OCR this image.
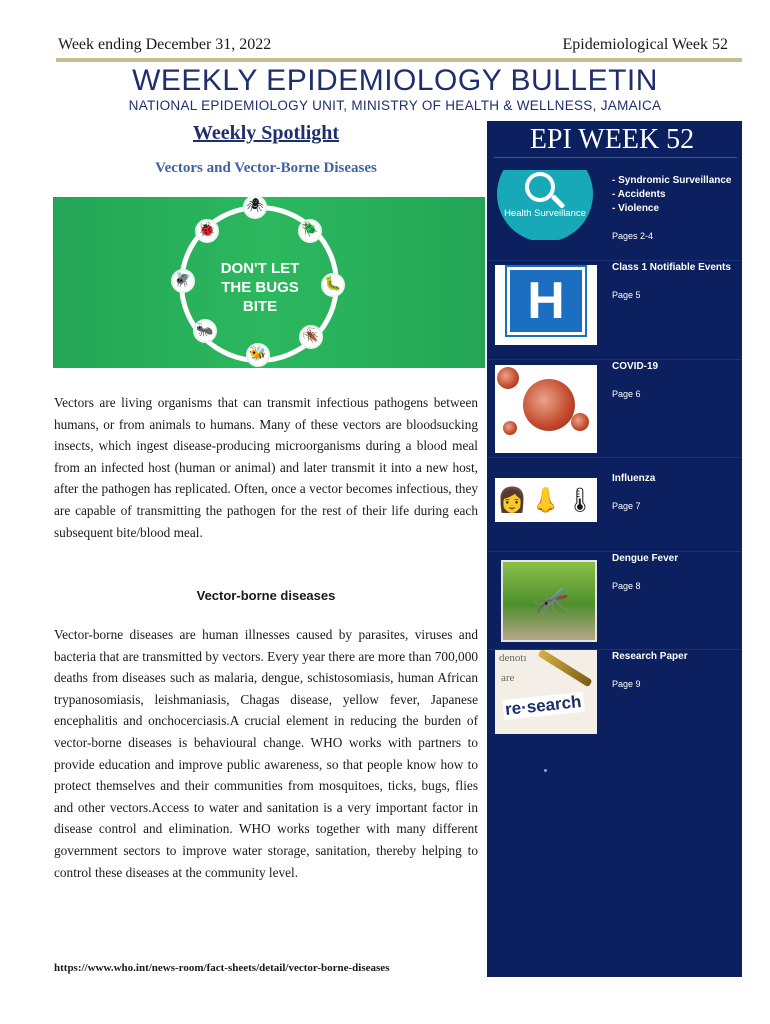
Week ending December 31, 2022	Epidemiological Week 52
WEEKLY EPIDEMIOLOGY BULLETIN
NATIONAL EPIDEMIOLOGY UNIT, MINISTRY OF HEALTH & WELLNESS, JAMAICA
Weekly Spotlight
Vectors and Vector-Borne Diseases
🕷
🪲
🐛
🪳
🐝
🐜
🪰
🐞
DON'T LET THE BUGS BITE
Vectors are living organisms that can transmit infectious pathogens between humans, or from animals to humans. Many of these vectors are bloodsucking insects, which ingest disease-producing microorganisms during a blood meal from an infected host (human or animal) and later transmit it into a new host, after the pathogen has replicated. Often, once a vector becomes infectious, they are capable of transmitting the pathogen for the rest of their life during each subsequent bite/blood meal.
Vector-borne diseases
Vector-borne diseases are human illnesses caused by parasites, viruses and bacteria that are transmitted by vectors. Every year there are more than 700,000 deaths from diseases such as malaria, dengue, schistosomiasis, human African trypanosomiasis, leishmaniasis, Chagas disease, yellow fever, Japanese encephalitis and onchocerciasis.A crucial element in reducing the burden of vector-borne diseases is behavioural change. WHO works with partners to provide education and improve public awareness, so that people know how to protect themselves and their communities from mosquitoes, ticks, bugs, flies and other vectors.Access to water and sanitation is a very important factor in disease control and elimination. WHO works together with many different government sectors to improve water storage, sanitation, thereby helping to control these diseases at the community level.
https://www.who.int/news-room/fact-sheets/detail/vector-borne-diseases
EPI WEEK 52
Health Surveillance
- Syndromic Surveillance
- Accidents
- Violence
Pages 2-4
H
Class 1 Notifiable Events
Page 5
COVID-19
Page 6
👩 👃 🌡
Influenza
Page 7
🦟
Dengue Fever
Page 8
denotı
are
re·search
Research Paper
Page 9
